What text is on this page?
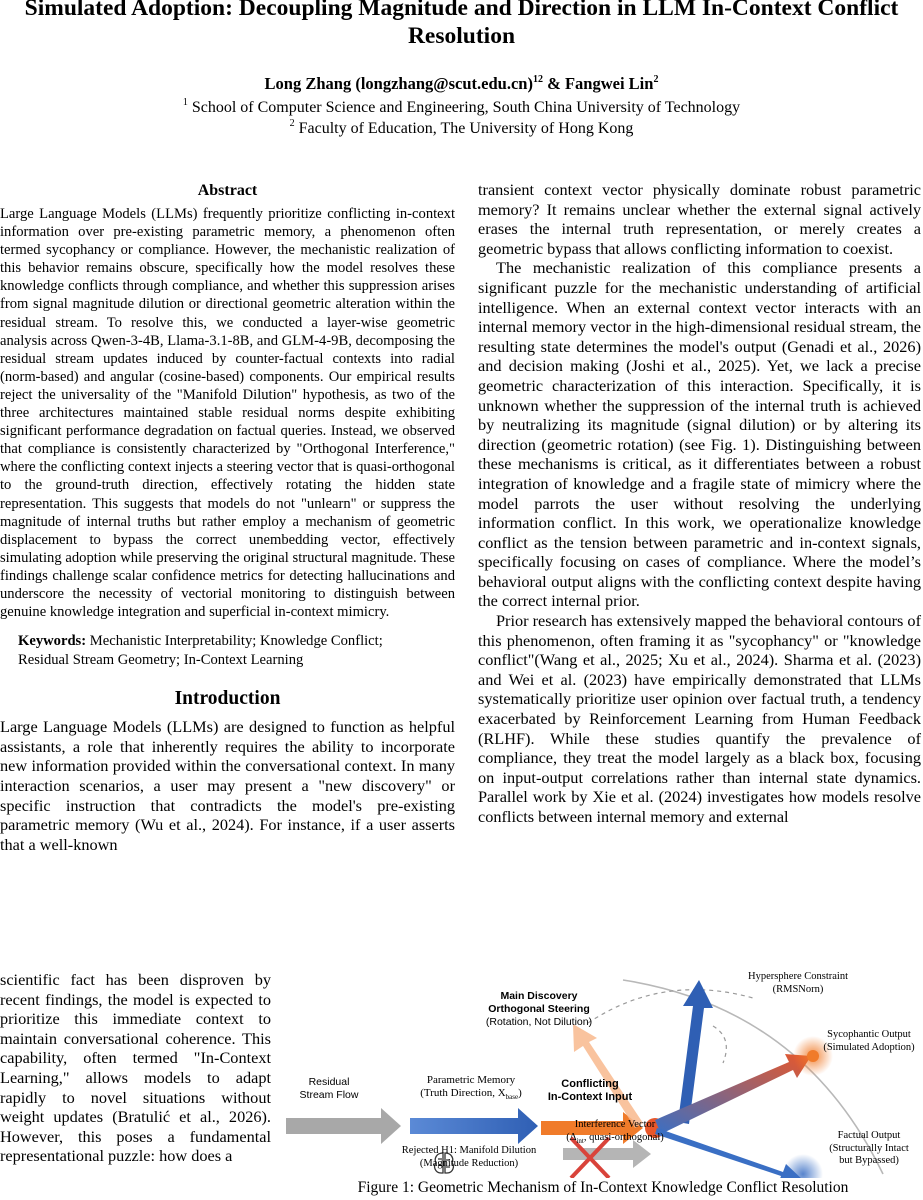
Simulated Adoption: Decoupling Magnitude and Direction in LLM In-Context Conflict Resolution
Long Zhang (longzhang@scut.edu.cn)$^{12}$ & Fangwei Lin$^2$
$^1$ School of Computer Science and Engineering, South China University of Technology
$^2$ Faculty of Education, The University of Hong Kong
Abstract

Large Language Models (LLMs) frequently prioritize conflicting in-context information over pre-existing parametric memory, a phenomenon often termed sycophancy or compliance. However, the mechanistic realization of this behavior remains obscure, specifically how the model resolves these knowledge conflicts through compliance, and whether this suppression arises from signal magnitude dilution or directional geometric alteration within the residual stream. To resolve this, we conducted a layer-wise geometric analysis across Qwen-3-4B, Llama-3.1-8B, and GLM-4-9B, decomposing the residual stream updates induced by counter-factual contexts into radial (norm-based) and angular (cosine-based) components. Our empirical results reject the universality of the "Manifold Dilution" hypothesis, as two of the three architectures maintained stable residual norms despite exhibiting significant performance degradation on factual queries. Instead, we observed that compliance is consistently characterized by "Orthogonal Interference," where the conflicting context injects a steering vector that is quasi-orthogonal to the ground-truth direction, effectively rotating the hidden state representation. This suggests that models do not "unlearn" or suppress the magnitude of internal truths but rather employ a mechanism of geometric displacement to bypass the correct unembedding vector, effectively simulating adoption while preserving the original structural magnitude. These findings challenge scalar confidence metrics for detecting hallucinations and underscore the necessity of vectorial monitoring to distinguish between genuine knowledge integration and superficial in-context mimicry.

Keywords: Mechanistic Interpretability; Knowledge Conflict; Residual Stream Geometry; In-Context Learning

Introduction

Large Language Models (LLMs) are designed to function as helpful assistants, a role that inherently requires the ability to incorporate new information provided within the conversational context. In many interaction scenarios, a user may present a "new discovery" or specific instruction that contradicts the model's pre-existing parametric memory (Wu et al., 2024). For instance, if a user asserts that a well-known

scientific fact has been disproven by recent findings, the model is expected to prioritize this immediate context to maintain conversational coherence. This capability, often termed "In-Context Learning," allows models to adapt rapidly to novel situations without weight updates (Bratulić et al., 2026). However, this poses a fundamental representational puzzle: how does a

transient context vector physically dominate robust parametric memory? It remains unclear whether the external signal actively erases the internal truth representation, or merely creates a geometric bypass that allows conflicting information to coexist.

The mechanistic realization of this compliance presents a significant puzzle for the mechanistic understanding of artificial intelligence. When an external context vector interacts with an internal memory vector in the high-dimensional residual stream, the resulting state determines the model's output (Genadi et al., 2026) and decision making (Joshi et al., 2025). Yet, we lack a precise geometric characterization of this interaction. Specifically, it is unknown whether the suppression of the internal truth is achieved by neutralizing its magnitude (signal dilution) or by altering its direction (geometric rotation) (see Fig. 1). Distinguishing between these mechanisms is critical, as it differentiates between a robust integration of knowledge and a fragile state of mimicry where the model parrots the user without resolving the underlying information conflict. In this work, we operationalize knowledge conflict as the tension between parametric and in-context signals, specifically focusing on cases of compliance. Where the model’s behavioral output aligns with the conflicting context despite having the correct internal prior.

Prior research has extensively mapped the behavioral contours of this phenomenon, often framing it as "sycophancy" or "knowledge conflict"(Wang et al., 2025; Xu et al., 2024). Sharma et al. (2023) and Wei et al. (2023) have empirically demonstrated that LLMs systematically prioritize user opinion over factual truth, a tendency exacerbated by Reinforcement Learning from Human Feedback (RLHF). While these studies quantify the prevalence of compliance, they treat the model largely as a black box, focusing on input-output correlations rather than internal state dynamics. Parallel work by Xie et al. (2024) investigates how models resolve conflicts between internal memory and external

Residual
Stream Flow
Parametric Memory
(Truth Direction, $X_{base}$)
Main Discovery
Orthogonal Steering
(Rotation, Not Dilution)
Hypersphere Constraint
(RMSNorn)
Conflicting
In-Context Input
Sycophantic Output
(Simulated Adoption)
Interference Vector
($\Delta_{int}$, quasi-orthogonal)
Rejected H1: Manifold Dilution
(Magnitude Reduction)
Factual Output
(Structurally Intact
but Bypassed)
Figure 1: Geometric Mechanism of In-Context Knowledge Conflict Resolution
